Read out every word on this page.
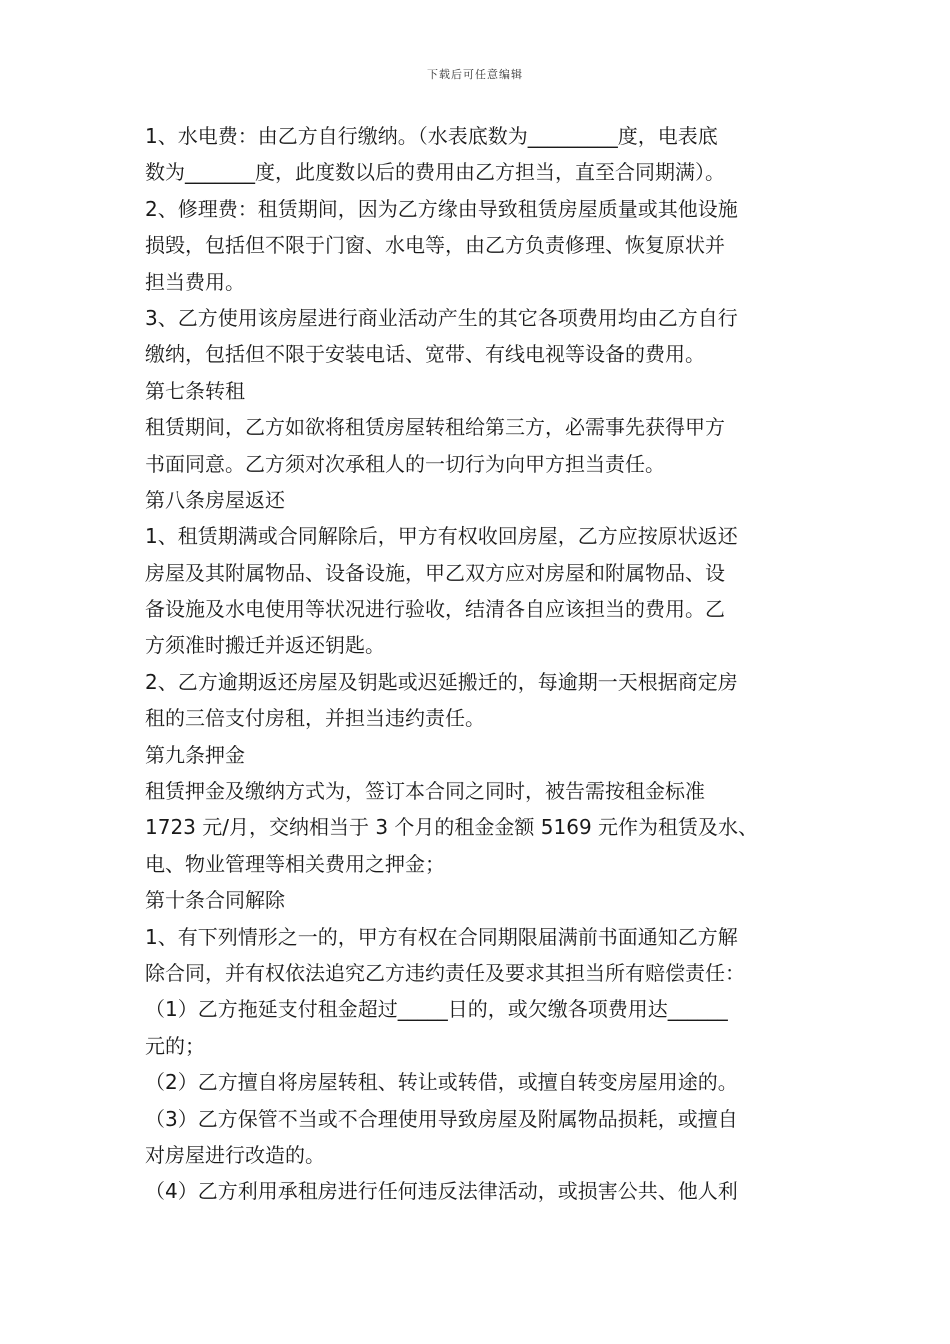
下载后可任意编辑
1、水电费：由乙方自行缴纳。（水表底数为_________度，电表底
数为_______度，此度数以后的费用由乙方担当，直至合同期满）。
2、修理费：租赁期间，因为乙方缘由导致租赁房屋质量或其他设施
损毁，包括但不限于门窗、水电等，由乙方负责修理、恢复原状并
担当费用。
3、乙方使用该房屋进行商业活动产生的其它各项费用均由乙方自行
缴纳，包括但不限于安装电话、宽带、有线电视等设备的费用。
第七条转租
租赁期间，乙方如欲将租赁房屋转租给第三方，必需事先获得甲方
书面同意。乙方须对次承租人的一切行为向甲方担当责任。
第八条房屋返还
1、租赁期满或合同解除后，甲方有权收回房屋，乙方应按原状返还
房屋及其附属物品、设备设施，甲乙双方应对房屋和附属物品、设
备设施及水电使用等状况进行验收，结清各自应该担当的费用。乙
方须准时搬迁并返还钥匙。
2、乙方逾期返还房屋及钥匙或迟延搬迁的，每逾期一天根据商定房
租的三倍支付房租，并担当违约责任。
第九条押金
租赁押金及缴纳方式为，签订本合同之同时，被告需按租金标准
1723 元/月，交纳相当于 3 个月的租金金额 5169 元作为租赁及水、
电、物业管理等相关费用之押金；
第十条合同解除
1、有下列情形之一的，甲方有权在合同期限届满前书面通知乙方解
除合同，并有权依法追究乙方违约责任及要求其担当所有赔偿责任：
（1）乙方拖延支付租金超过_____日的，或欠缴各项费用达______
元的；
（2）乙方擅自将房屋转租、转让或转借，或擅自转变房屋用途的。
（3）乙方保管不当或不合理使用导致房屋及附属物品损耗，或擅自
对房屋进行改造的。
（4）乙方利用承租房进行任何违反法律活动，或损害公共、他人利
